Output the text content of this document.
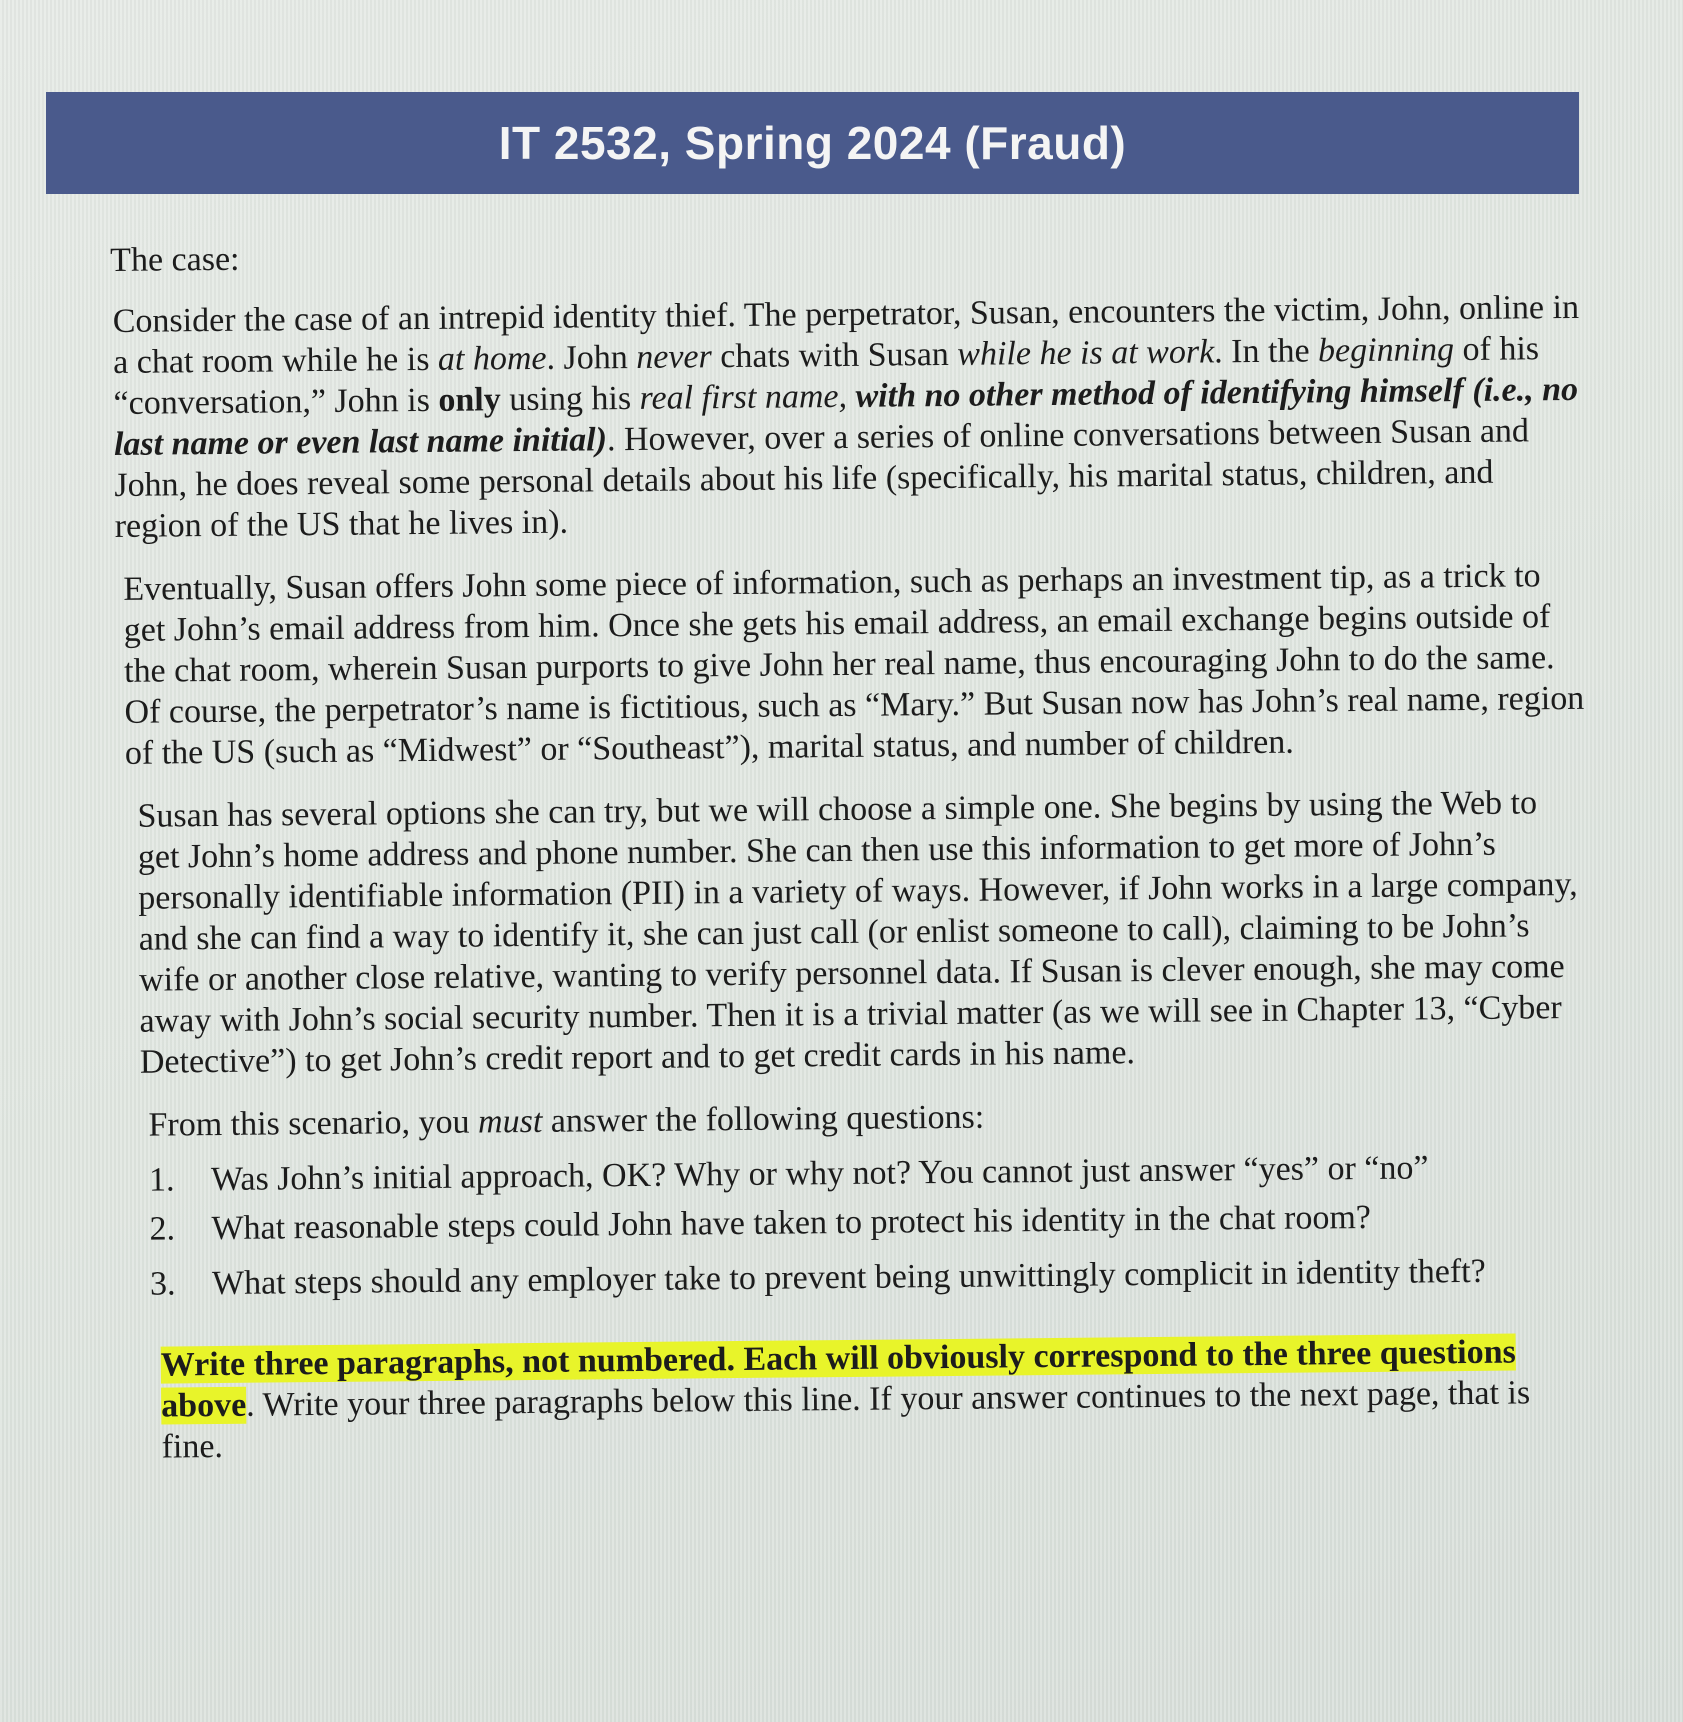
IT 2532, Spring 2024 (Fraud)

The case:

Consider the case of an intrepid identity thief. The perpetrator, Susan, encounters the victim, John, online in a chat room while he is at home. John never chats with Susan while he is at work. In the beginning of his “conversation,” John is only using his real first name, with no other method of identifying himself (i.e., no last name or even last name initial). However, over a series of online conversations between Susan and John, he does reveal some personal details about his life (specifically, his marital status, children, and region of the US that he lives in).

Eventually, Susan offers John some piece of information, such as perhaps an investment tip, as a trick to get John’s email address from him. Once she gets his email address, an email exchange begins outside of the chat room, wherein Susan purports to give John her real name, thus encouraging John to do the same. Of course, the perpetrator’s name is fictitious, such as “Mary.” But Susan now has John’s real name, region of the US (such as “Midwest” or “Southeast”), marital status, and number of children.

Susan has several options she can try, but we will choose a simple one. She begins by using the Web to get John’s home address and phone number. She can then use this information to get more of John’s personally identifiable information (PII) in a variety of ways. However, if John works in a large company, and she can find a way to identify it, she can just call (or enlist someone to call), claiming to be John’s wife or another close relative, wanting to verify personnel data. If Susan is clever enough, she may come away with John’s social security number. Then it is a trivial matter (as we will see in Chapter 13, “Cyber Detective”) to get John’s credit report and to get credit cards in his name.

From this scenario, you must answer the following questions:

1.	Was John’s initial approach, OK? Why or why not? You cannot just answer “yes” or “no”
2.	What reasonable steps could John have taken to protect his identity in the chat room?
3.	What steps should any employer take to prevent being unwittingly complicit in identity theft?

Write three paragraphs, not numbered. Each will obviously correspond to the three questions above. Write your three paragraphs below this line. If your answer continues to the next page, that is fine.
